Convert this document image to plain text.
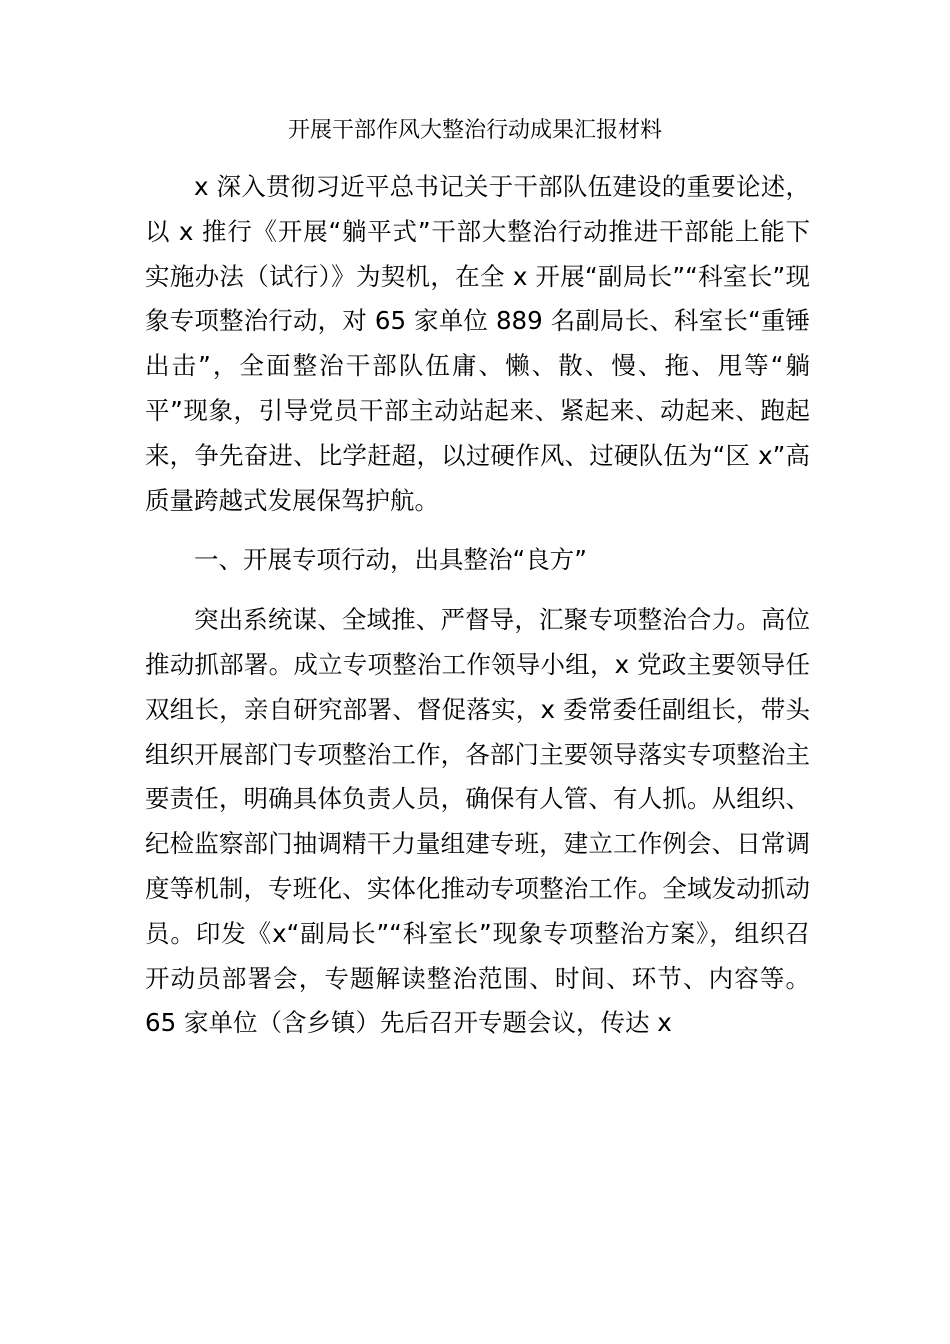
开展干部作风大整治行动成果汇报材料

x 深入贯彻习近平总书记关于干部队伍建设的重要论述，以 x 推行《开展“躺平式”干部大整治行动推进干部能上能下实施办法（试行）》为契机，在全 x 开展“副局长”“科室长”现象专项整治行动，对 65 家单位 889 名副局长、科室长“重锤出击”，全面整治干部队伍庸、懒、散、慢、拖、甩等“躺平”现象，引导党员干部主动站起来、紧起来、动起来、跑起来，争先奋进、比学赶超，以过硬作风、过硬队伍为“区 x”高质量跨越式发展保驾护航。

一、开展专项行动，出具整治“良方”

突出系统谋、全域推、严督导，汇聚专项整治合力。高位推动抓部署。成立专项整治工作领导小组，x 党政主要领导任双组长，亲自研究部署、督促落实，x 委常委任副组长，带头组织开展部门专项整治工作，各部门主要领导落实专项整治主要责任，明确具体负责人员，确保有人管、有人抓。从组织、纪检监察部门抽调精干力量组建专班，建立工作例会、日常调度等机制，专班化、实体化推动专项整治工作。全域发动抓动员。印发《x“副局长”“科室长”现象专项整治方案》，组织召开动员部署会，专题解读整治范围、时间、环节、内容等。65 家单位（含乡镇）先后召开专题会议，传达 x
